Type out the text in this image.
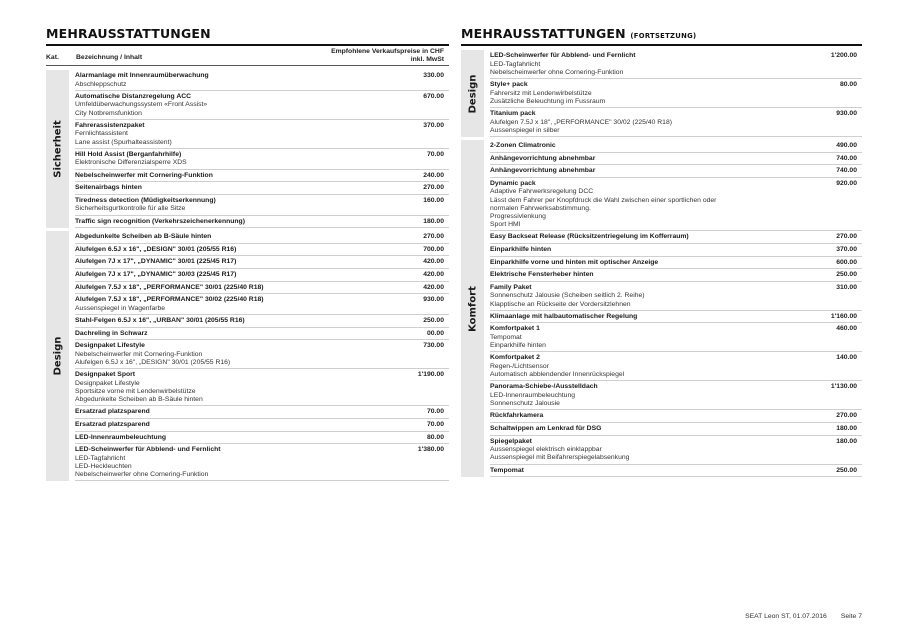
MEHRAUSSTATTUNGEN
Kat.	Bezeichnung / Inhalt
Empfohlene Verkaufspreise in CHF
inkl. MwSt
Sicherheit
Alarmanlage mit Innenraumüberwachung
Abschleppschutz
330.00
Automatische Distanzregelung ACC
Umfeldüberwachungssystem «Front Assist»
City Notbremsfunktion
670.00
Fahrerassistenzpaket
Fernlichtassistent
Lane assist (Spurhalteassistent)
370.00
Hill Hold Assist (Berganfahrhilfe)
Elektronische Differenzialsperre XDS
70.00
Nebelscheinwerfer mit Cornering-Funktion	240.00
Seitenairbags hinten	270.00
Tiredness detection (Müdigkeitserkennung)
Sicherheitsgurtkontrolle für alle Sitze
160.00
Traffic sign recognition (Verkehrszeichenerkennung)	180.00
Design
Abgedunkelte Scheiben ab B-Säule hinten	270.00
Alufelgen 6.5J x 16", „DESIGN" 30/01 (205/55 R16)	700.00
Alufelgen 7J x 17", „DYNAMIC" 30/01 (225/45 R17)	420.00
Alufelgen 7J x 17", „DYNAMIC" 30/03 (225/45 R17)	420.00
Alufelgen 7.5J x 18", „PERFORMANCE" 30/01 (225/40 R18)	420.00
Alufelgen 7.5J x 18", „PERFORMANCE" 30/02 (225/40 R18)
Aussenspiegel in Wagenfarbe
930.00
Stahl-Felgen 6.5J x 16", „URBAN" 30/01 (205/55 R16)	250.00
Dachreling in Schwarz	00.00
Designpaket Lifestyle
Nebelscheinwerfer mit Cornering-Funktion
Alufelgen 6.5J x 16", „DESIGN" 30/01 (205/55 R16)
730.00
Designpaket Sport
Designpaket Lifestyle
Sportsitze vorne mit Lendenwirbelstütze
Abgedunkelte Scheiben ab B-Säule hinten
1'190.00
Ersatzrad platzsparend	70.00
Ersatzrad platzsparend	70.00
LED-Innenraumbeleuchtung	80.00
LED-Scheinwerfer für Abblend- und Fernlicht
LED-Tagfahrlicht
LED-Heckleuchten
Nebelscheinwerfer ohne Cornering-Funktion
1'380.00
MEHRAUSSTATTUNGEN (FORTSETZUNG)
Design
LED-Scheinwerfer für Abblend- und Fernlicht
LED-Tagfahrlicht
Nebelscheinwerfer ohne Cornering-Funktion
1'200.00
Style+ pack
Fahrersitz mit Lendenwirbelstütze
Zusätzliche Beleuchtung im Fussraum
80.00
Titanium pack
Alufelgen 7.5J x 18", „PERFORMANCE" 30/02 (225/40 R18)
Aussenspiegel in silber
930.00
Komfort
2-Zonen Climatronic	490.00
Anhängevorrichtung abnehmbar	740.00
Anhängevorrichtung abnehmbar	740.00
Dynamic pack
Adaptive Fahrwerksregelung DCC
Lässt dem Fahrer per Knopfdruck die Wahl zwischen einer sportlichen oder
normalen Fahrwerksabstimmung.
Progressivlenkung
Sport HMI
920.00
Easy Backseat Release (Rücksitzentriegelung im Kofferraum)	270.00
Einparkhilfe hinten	370.00
Einparkhilfe vorne und hinten mit optischer Anzeige	600.00
Elektrische Fensterheber hinten	250.00
Family Paket
Sonnenschutz Jalousie (Scheiben seitlich 2. Reihe)
Klapptische an Rückseite der Vordersitzlehnen
310.00
Klimaanlage mit halbautomatischer Regelung	1'160.00
Komfortpaket 1
Tempomat
Einparkhilfe hinten
460.00
Komfortpaket 2
Regen-/Lichtsensor
Automatisch abblendender Innenrückspiegel
140.00
Panorama-Schiebe-/Ausstelldach
LED-Innenraumbeleuchtung
Sonnenschutz Jalousie
1'130.00
Rückfahrkamera	270.00
Schaltwippen am Lenkrad für DSG	180.00
Spiegelpaket
Aussenspiegel elektrisch einklappbar
Aussenspiegel mit Beifahrerspiegelabsenkung
180.00
Tempomat	250.00
SEAT Leon ST, 01.07.2016 Seite 7
